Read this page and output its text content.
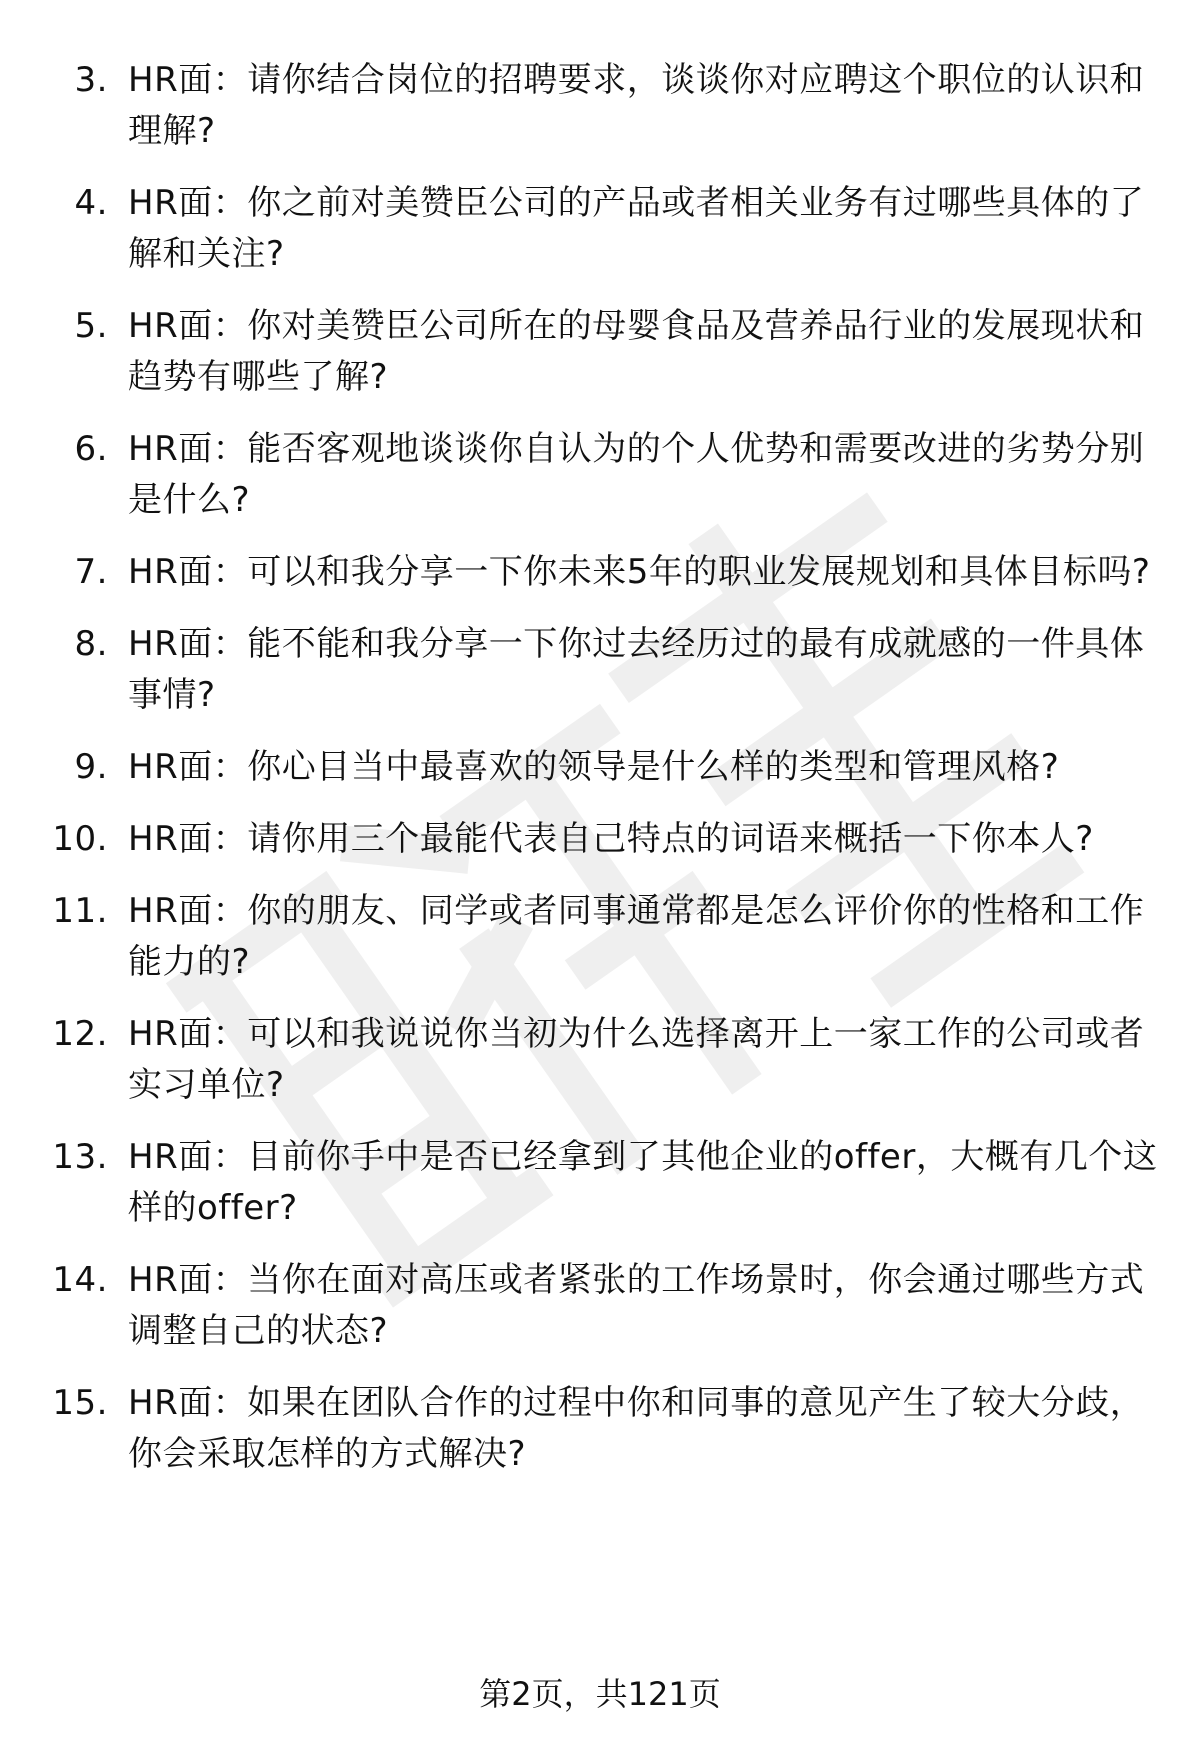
3. HR面：请你结合岗位的招聘要求，谈谈你对应聘这个职位的认识和理解?
4. HR面：你之前对美赞臣公司的产品或者相关业务有过哪些具体的了解和关注?
5. HR面：你对美赞臣公司所在的母婴食品及营养品行业的发展现状和趋势有哪些了解?
6. HR面：能否客观地谈谈你自认为的个人优势和需要改进的劣势分别是什么?
7. HR面：可以和我分享一下你未来5年的职业发展规划和具体目标吗?
8. HR面：能不能和我分享一下你过去经历过的最有成就感的一件具体事情?
9. HR面：你心目当中最喜欢的领导是什么样的类型和管理风格?
10. HR面：请你用三个最能代表自己特点的词语来概括一下你本人?
11. HR面：你的朋友、同学或者同事通常都是怎么评价你的性格和工作能力的?
12. HR面：可以和我说说你当初为什么选择离开上一家工作的公司或者实习单位?
13. HR面：目前你手中是否已经拿到了其他企业的offer，大概有几个这样的offer?
14. HR面：当你在面对高压或者紧张的工作场景时，你会通过哪些方式调整自己的状态?
15. HR面：如果在团队合作的过程中你和同事的意见产生了较大分歧，你会采取怎样的方式解决?
第2页，共121页
